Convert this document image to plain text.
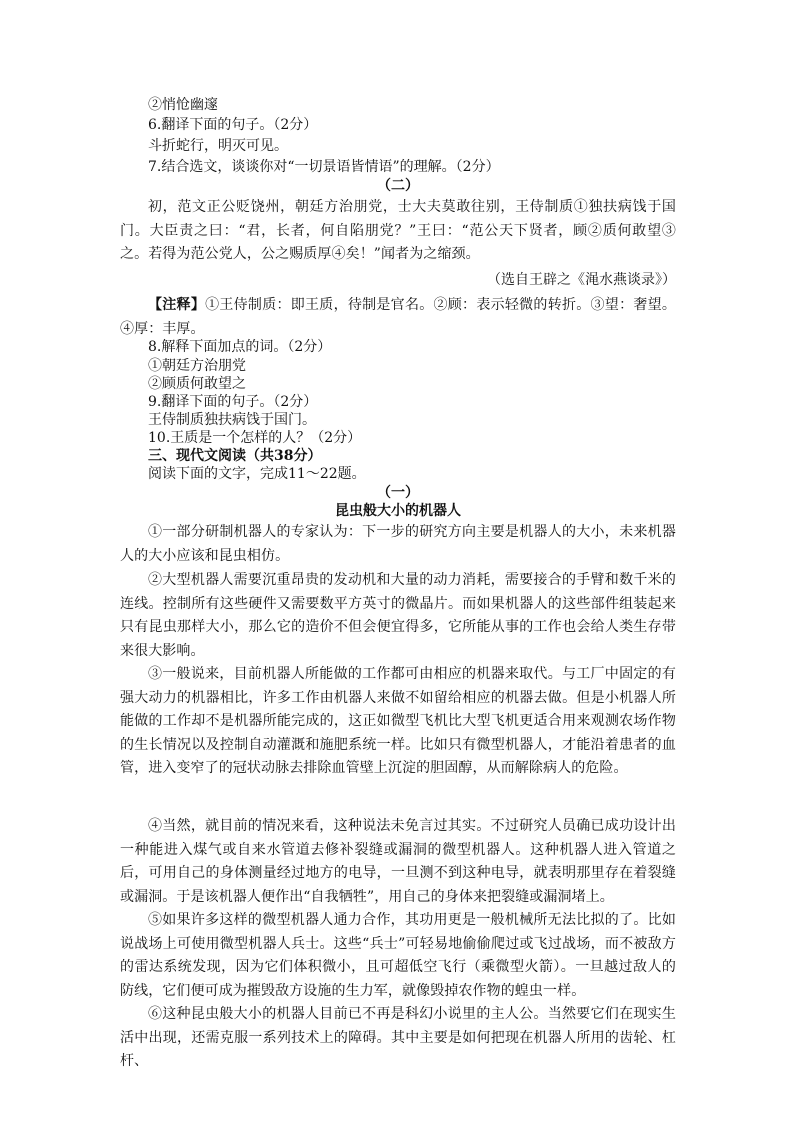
②悄怆幽邃
6.翻译下面的句子。（2分）
斗折蛇行，明灭可见。
7.结合选文，谈谈你对“一切景语皆情语”的理解。（2分）
（二）
初，范文正公贬饶州，朝廷方治朋党，士大夫莫敢往别，王侍制质①独扶病饯于国门。大臣责之曰：“君，长者，何自陷朋党？”王曰：“范公天下贤者，顾②质何敢望③之。若得为范公党人，公之赐质厚④矣！”闻者为之缩颈。
（选自王辟之《渑水燕谈录》）
【注释】①王侍制质：即王质，待制是官名。②顾：表示轻微的转折。③望：奢望。④厚：丰厚。
8.解释下面加点的词。（2分）
①朝廷方治朋党
②顾质何敢望之
9.翻译下面的句子。（2分）
王侍制质独扶病饯于国门。
10.王质是一个怎样的人？（2分）
三、现代文阅读（共38分）
阅读下面的文字，完成11～22题。
（一）
昆虫般大小的机器人
①一部分研制机器人的专家认为：下一步的研究方向主要是机器人的大小，未来机器人的大小应该和昆虫相仿。
②大型机器人需要沉重昂贵的发动机和大量的动力消耗，需要接合的手臂和数千米的连线。控制所有这些硬件又需要数平方英寸的微晶片。而如果机器人的这些部件组装起来只有昆虫那样大小，那么它的造价不但会便宜得多，它所能从事的工作也会给人类生存带来很大影响。
③一般说来，目前机器人所能做的工作都可由相应的机器来取代。与工厂中固定的有强大动力的机器相比，许多工作由机器人来做不如留给相应的机器去做。但是小机器人所能做的工作却不是机器所能完成的，这正如微型飞机比大型飞机更适合用来观测农场作物的生长情况以及控制自动灌溉和施肥系统一样。比如只有微型机器人，才能沿着患者的血管，进入变窄了的冠状动脉去排除血管壁上沉淀的胆固醇，从而解除病人的危险。
④当然，就目前的情况来看，这种说法未免言过其实。不过研究人员确已成功设计出一种能进入煤气或自来水管道去修补裂缝或漏洞的微型机器人。这种机器人进入管道之后，可用自己的身体测量经过地方的电导，一旦测不到这种电导，就表明那里存在着裂缝或漏洞。于是该机器人便作出“自我牺牲”，用自己的身体来把裂缝或漏洞堵上。
⑤如果许多这样的微型机器人通力合作，其功用更是一般机械所无法比拟的了。比如说战场上可使用微型机器人兵士。这些“兵士”可轻易地偷偷爬过或飞过战场，而不被敌方的雷达系统发现，因为它们体积微小，且可超低空飞行（乘微型火箭）。一旦越过敌人的防线，它们便可成为摧毁敌方设施的生力军，就像毁掉农作物的蝗虫一样。
⑥这种昆虫般大小的机器人目前已不再是科幻小说里的主人公。当然要它们在现实生活中出现，还需克服一系列技术上的障碍。其中主要是如何把现在机器人所用的齿轮、杠杆、
